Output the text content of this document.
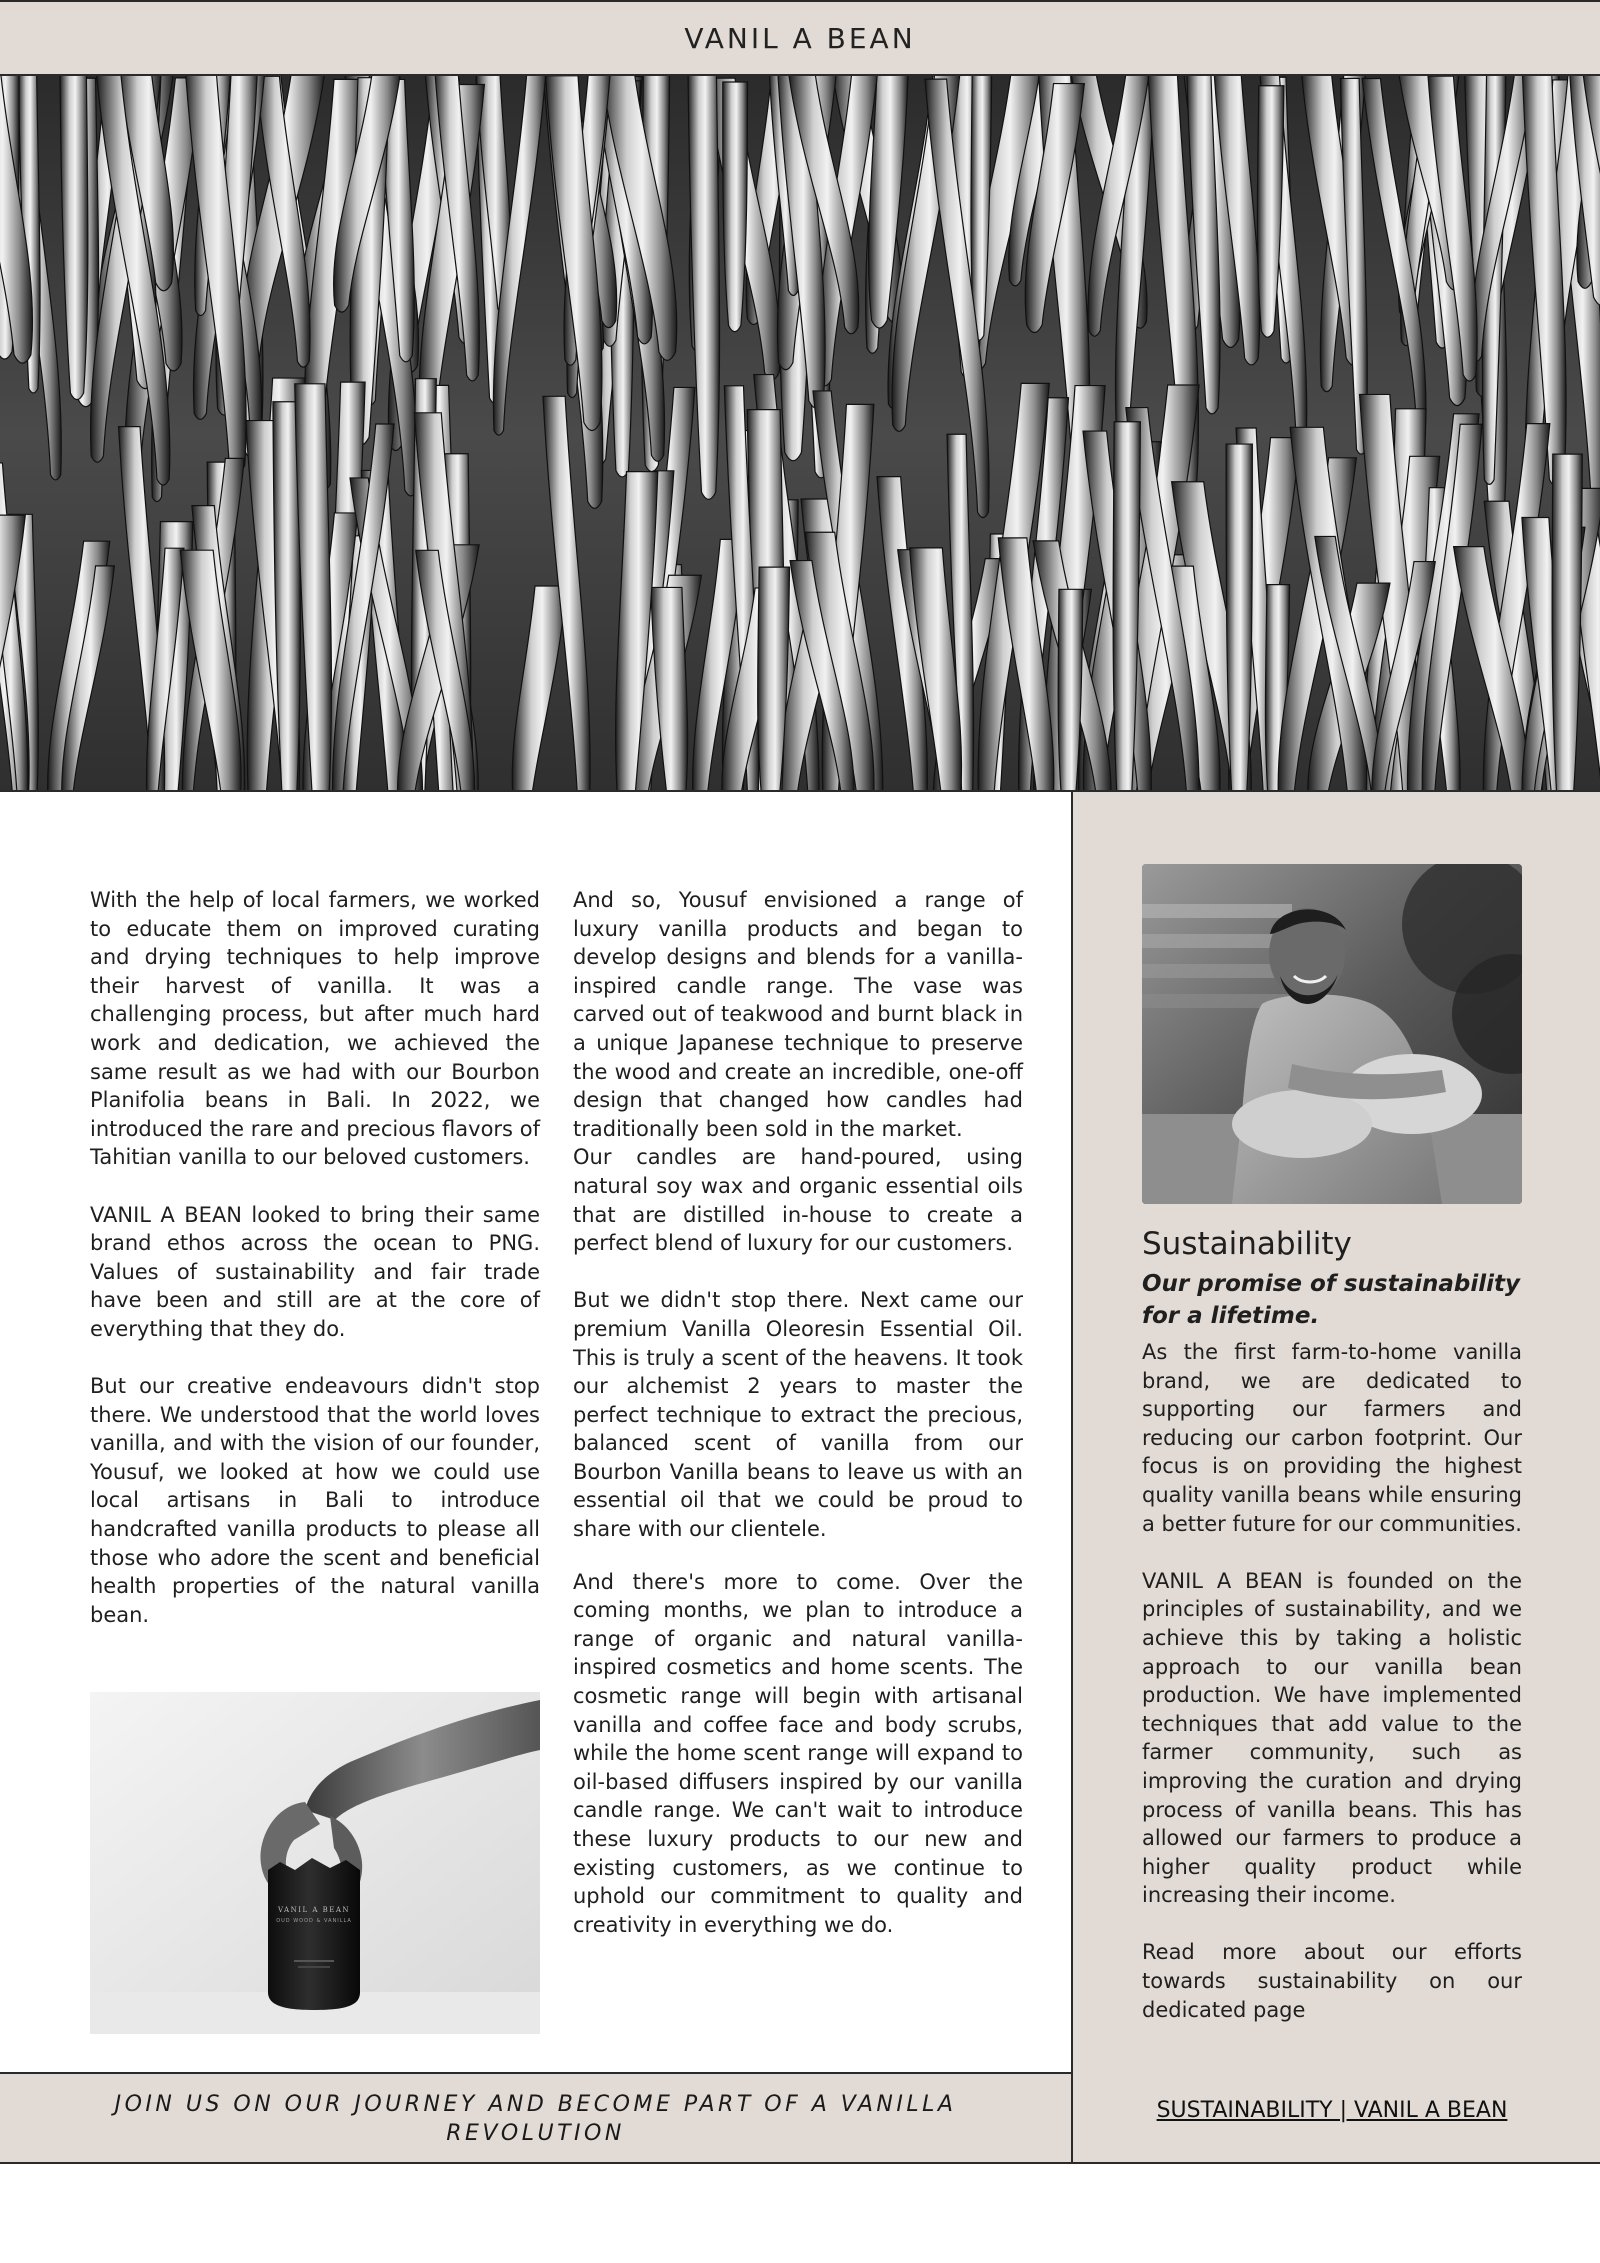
VANIL A BEAN

With the help of local farmers, we worked to educate them on improved curating and drying techniques to help improve their harvest of vanilla. It was a challenging process, but after much hard work and dedication, we achieved the same result as we had with our Bourbon Planifolia beans in Bali. In 2022, we introduced the rare and precious flavors of Tahitian vanilla to our beloved customers.

VANIL A BEAN looked to bring their same brand ethos across the ocean to PNG. Values of sustainability and fair trade have been and still are at the core of everything that they do.

But our creative endeavours didn't stop there. We understood that the world loves vanilla, and with the vision of our founder, Yousuf, we looked at how we could use local artisans in Bali to introduce handcrafted vanilla products to please all those who adore the scent and beneficial health properties of the natural vanilla bean.

VANIL A BEAN
OUD WOOD & VANILLA

And so, Yousuf envisioned a range of luxury vanilla products and began to develop designs and blends for a vanilla-inspired candle range. The vase was carved out of teakwood and burnt black in a unique Japanese technique to preserve the wood and create an incredible, one-off design that changed how candles had traditionally been sold in the market.

Our candles are hand-poured, using natural soy wax and organic essential oils that are distilled in-house to create a perfect blend of luxury for our customers.

But we didn't stop there. Next came our premium Vanilla Oleoresin Essential Oil. This is truly a scent of the heavens. It took our alchemist 2 years to master the perfect technique to extract the precious, balanced scent of vanilla from our Bourbon Vanilla beans to leave us with an essential oil that we could be proud to share with our clientele.

And there's more to come. Over the coming months, we plan to introduce a range of organic and natural vanilla-inspired cosmetics and home scents. The cosmetic range will begin with artisanal vanilla and coffee face and body scrubs, while the home scent range will expand to oil-based diffusers inspired by our vanilla candle range. We can't wait to introduce these luxury products to our new and existing customers, as we continue to uphold our commitment to quality and creativity in everything we do.

Sustainability
Our promise of sustainability for a lifetime.

As the first farm-to-home vanilla brand, we are dedicated to supporting our farmers and reducing our carbon footprint. Our focus is on providing the highest quality vanilla beans while ensuring a better future for our communities.

VANIL A BEAN is founded on the principles of sustainability, and we achieve this by taking a holistic approach to our vanilla bean production. We have implemented techniques that add value to the farmer community, such as improving the curation and drying process of vanilla beans. This has allowed our farmers to produce a higher quality product while increasing their income.

Read more about our efforts towards sustainability on our dedicated page

SUSTAINABILITY | VANIL A BEAN
JOIN US ON OUR JOURNEY AND BECOME PART OF A VANILLA REVOLUTION
